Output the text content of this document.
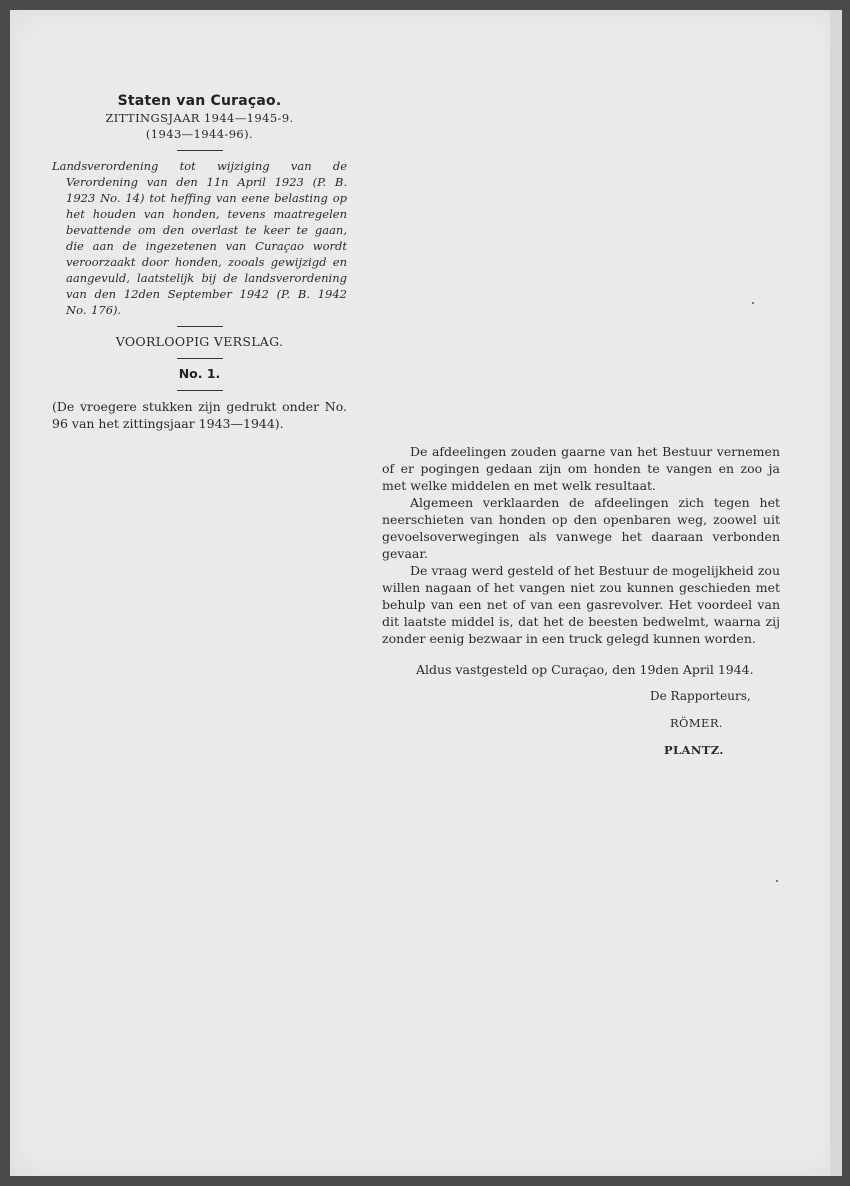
Staten van Curaçao.

ZITTINGSJAAR 1944—1945-9.

(1943—1944-96).

Landsverordening tot wijziging van de Verordening van den 11n April 1923 (P. B. 1923 No. 14) tot heffing van eene belasting op het houden van honden, tevens maatregelen bevattende om den overlast te keer te gaan, die aan de ingezetenen van Curaçao wordt veroorzaakt door honden, zooals gewijzigd en aangevuld, laatstelijk bij de landsverordening van den 12den September 1942 (P. B. 1942 No. 176).

VOORLOOPIG VERSLAG.

No. 1.

(De vroegere stukken zijn gedrukt onder No. 96 van het zittingsjaar 1943—1944).

De afdeelingen zouden gaarne van het Bestuur vernemen of er pogingen gedaan zijn om honden te vangen en zoo ja met welke middelen en met welk resultaat.

Algemeen verklaarden de afdeelingen zich tegen het neerschieten van honden op den openbaren weg, zoowel uit gevoelsoverwegingen als vanwege het daaraan verbonden gevaar.

De vraag werd gesteld of het Bestuur de mogelijkheid zou willen nagaan of het vangen niet zou kunnen geschieden met behulp van een net of van een gasrevolver. Het voordeel van dit laatste middel is, dat het de beesten bedwelmt, waarna zij zonder eenig bezwaar in een truck gelegd kunnen worden.

Aldus vastgesteld op Curaçao, den 19den April 1944.

De Rapporteurs,

RÖMER.

PLANTZ.
